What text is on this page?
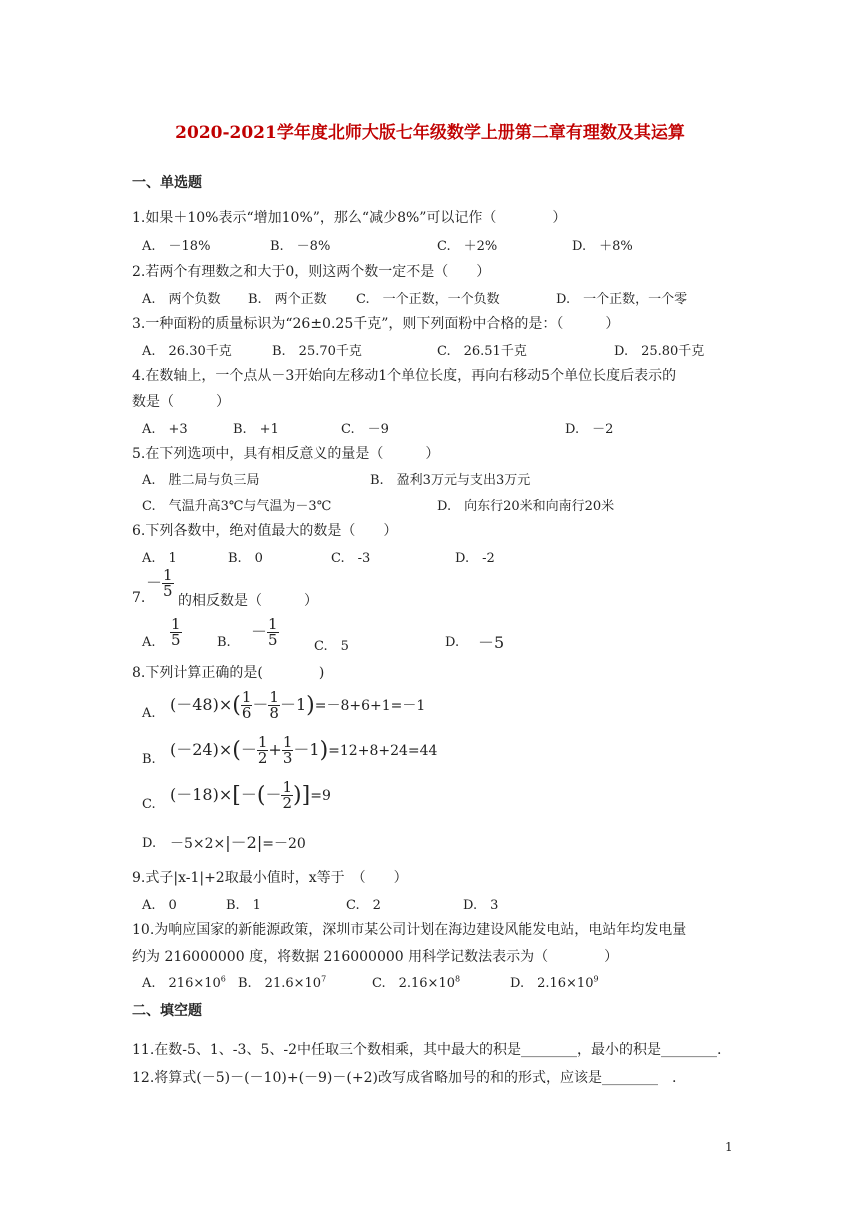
2020-2021学年度北师大版七年级数学上册第二章有理数及其运算
一、单选题
1.如果＋10%表示“增加10%”，那么“减少8%”可以记作（　　　　）
A.　－18%	B.　－8%	C.　＋2%	D.　＋8%
2.若两个有理数之和大于0，则这两个数一定不是（　　）
A.　两个负数 B.　两个正数 C.　一个正数，一个负数	D.　一个正数，一个零
3.一种面粉的质量标识为“26±0.25千克”，则下列面粉中合格的是：（　　　）
A.　26.30千克	B.　25.70千克	C.　26.51千克	D.　25.80千克
4.在数轴上，一个点从－3开始向左移动1个单位长度，再向右移动5个单位长度后表示的
数是（　　　）
A.　+3	B.　+1	C.　－9	D.　－2
5.在下列选项中，具有相反意义的量是（　　　）
A.　胜二局与负三局	B.　盈利3万元与支出3万元
C.　气温升高3℃与气温为－3℃	D.　向东行20米和向南行20米
6.下列各数中，绝对值最大的数是（　　）
A.　1	B.　0	C.　-3	D.　-2
7.
－ $\frac{1}{5}$
的相反数是（　　　）
A. $\frac{1}{5}$	B.
－ $\frac{1}{5}$	C.　5	D. －5
8.下列计算正确的是(　　　　)
A. $(-48)\times( \frac{1}{6} - \frac{1}{8} -1)=-8+6+1=-1$
B.
$(-24)\times(- \frac{1}{2} + \frac{1}{3} -1)=12+8+24=44$
C.
$(-18)\times[-(- \frac{1}{2} )]=9$
D. －5×2×|－2|=－20
9.式子|x-1|+2取最小值时，x等于　（　　）
A.　0	B.　1	C.　2	D.　3
10.为响应国家的新能源政策，深圳市某公司计划在海边建设风能发电站，电站年均发电量
约为 216000000 度，将数据 216000000 用科学记数法表示为（　　　　）
A.　$216\times 10^6$ B.　$21.6\times 10^7$	C.　$2.16\times 10^8$	D.　$2.16\times 10^9$
二、填空题
11.在数-5、1、-3、5、-2中任取三个数相乘，其中最大的积是________，最小的积是________.
12.将算式(－5)－(－10)+(－9)－(+2)改写成省略加号的和的形式，应该是________　.
1
